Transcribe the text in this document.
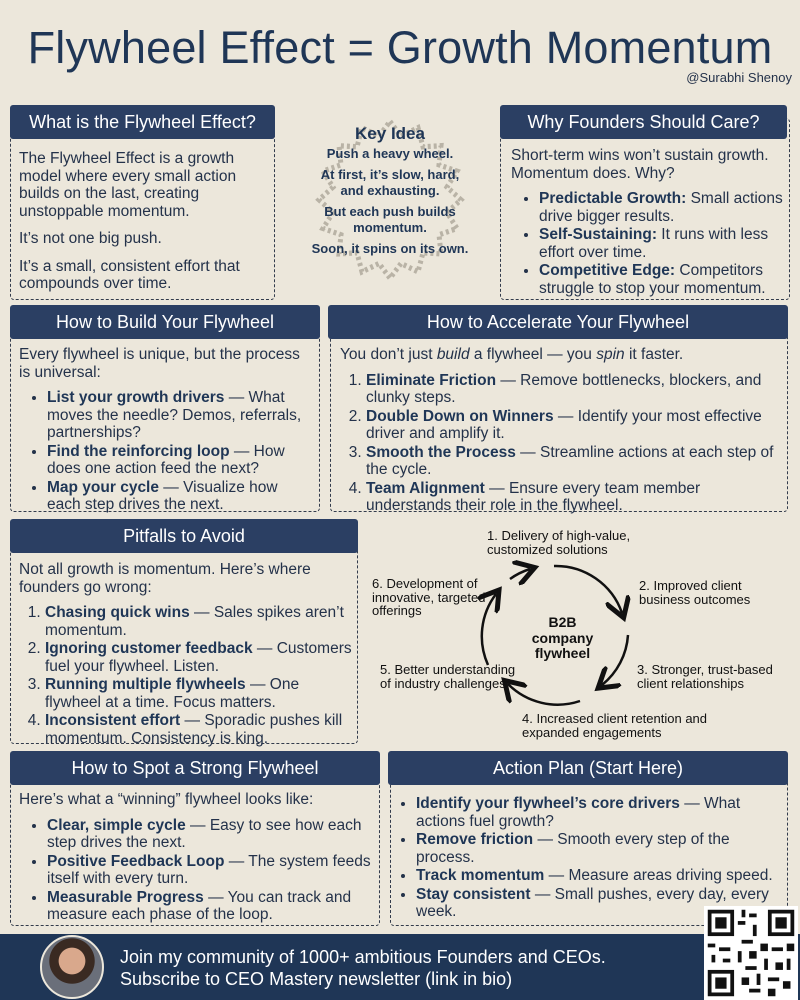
Flywheel Effect = Growth Momentum
@Surabhi Shenoy
What is the Flywheel Effect?

The Flywheel Effect is a growth model where every small action builds on the last, creating unstoppable momentum.

It’s not one big push.

It’s a small, consistent effort that compounds over time.

Key Idea
Push a heavy wheel.
At first, it’s slow, hard, and exhausting.
But each push builds momentum.
Soon, it spins on its own.
Why Founders Should Care?

Short-term wins won’t sustain growth. Momentum does. Why?

• Predictable Growth: Small actions drive bigger results.
• Self-Sustaining: It runs with less effort over time.
• Competitive Edge: Competitors struggle to stop your momentum.
How to Build Your Flywheel

Every flywheel is unique, but the process is universal:

• List your growth drivers — What moves the needle? Demos, referrals, partnerships?
• Find the reinforcing loop — How does one action feed the next?
• Map your cycle — Visualize how each step drives the next.
How to Accelerate Your Flywheel

You don’t just build a flywheel — you spin it faster.

1. Eliminate Friction — Remove bottlenecks, blockers, and clunky steps.
2. Double Down on Winners — Identify your most effective driver and amplify it.
3. Smooth the Process — Streamline actions at each step of the cycle.
4. Team Alignment — Ensure every team member understands their role in the flywheel.
Pitfalls to Avoid

Not all growth is momentum. Here’s where founders go wrong:

1. Chasing quick wins — Sales spikes aren’t momentum.
2. Ignoring customer feedback — Customers fuel your flywheel. Listen.
3. Running multiple flywheels — One flywheel at a time. Focus matters.
4. Inconsistent effort — Sporadic pushes kill momentum. Consistency is king.
B2B company flywheel
1. Delivery of high-value, customized solutions
2. Improved client business outcomes
3. Stronger, trust-based client relationships
4. Increased client retention and expanded engagements
5. Better understanding of industry challenges
6. Development of innovative, targeted offerings
How to Spot a Strong Flywheel

Here’s what a “winning” flywheel looks like:

• Clear, simple cycle — Easy to see how each step drives the next.
• Positive Feedback Loop — The system feeds itself with every turn.
• Measurable Progress — You can track and measure each phase of the loop.
Action Plan (Start Here)
• Identify your flywheel’s core drivers — What actions fuel growth?
• Remove friction — Smooth every step of the process.
• Track momentum — Measure areas driving speed.
• Stay consistent — Small pushes, every day, every week.
Join my community of 1000+ ambitious Founders and CEOs.
Subscribe to CEO Mastery newsletter (link in bio)
